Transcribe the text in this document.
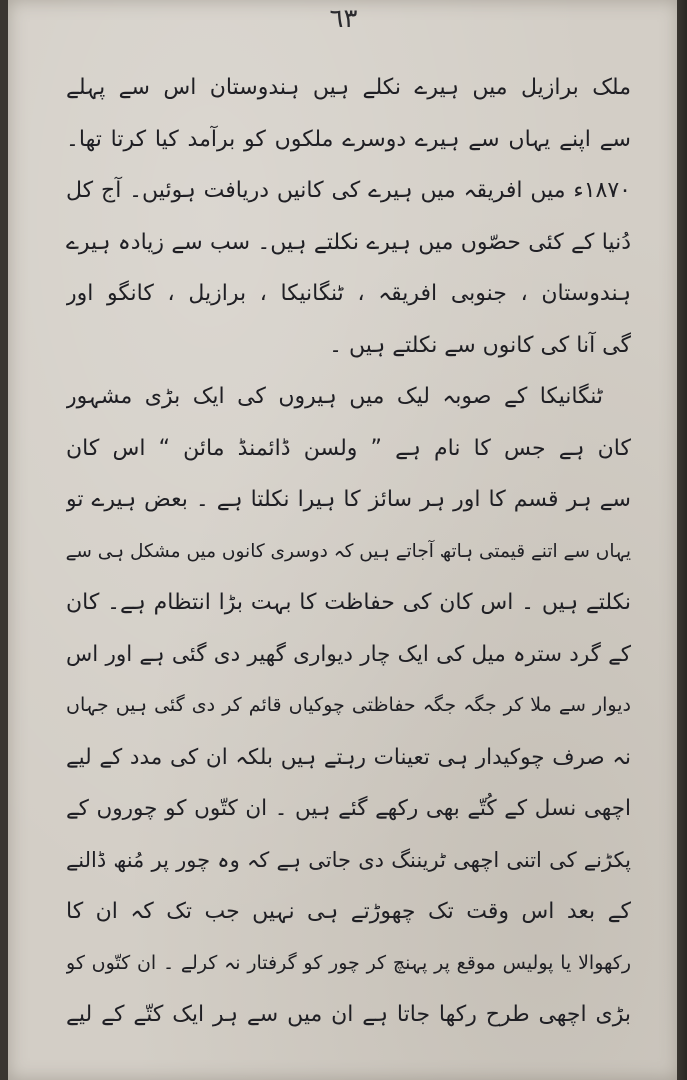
٦٣
ملک برازیل میں ہیرے نکلے ہیں ہندوستان اس سے پہلے
سے اپنے یہاں سے ہیرے دوسرے ملکوں کو برآمد کیا کرتا تھا۔
۱۸۷۰ء میں افریقہ میں ہیرے کی کانیں دریافت ہوئیں۔ آج کل
دُنیا کے کئی حصّوں میں ہیرے نکلتے ہیں۔ سب سے زیادہ ہیرے
ہندوستان ، جنوبی افریقہ ، ٹنگانیکا ، برازیل ، کانگو اور
گی آنا کی کانوں سے نکلتے ہیں ۔
ٹنگانیکا کے صوبہ لیک میں ہیروں کی ایک بڑی مشہور
کان ہے جس کا نام ہے ” ولسن ڈائمنڈ مائن “ اس کان
سے ہر قسم کا اور ہر سائز کا ہیرا نکلتا ہے ۔ بعض ہیرے تو
یہاں سے اتنے قیمتی ہاتھ آجاتے ہیں کہ دوسری کانوں میں مشکل ہی سے
نکلتے ہیں ۔ اس کان کی حفاظت کا بہت بڑا انتظام ہے۔ کان
کے گرد سترہ میل کی ایک چار دیواری گھیر دی گئی ہے اور اس
دیوار سے ملا کر جگہ جگہ حفاظتی چوکیاں قائم کر دی گئی ہیں جہاں
نہ صرف چوکیدار ہی تعینات رہتے ہیں بلکہ ان کی مدد کے لیے
اچھی نسل کے کُتّے بھی رکھے گئے ہیں ۔ ان کتّوں کو چوروں کے
پکڑنے کی اتنی اچھی ٹریننگ دی جاتی ہے کہ وہ چور پر مُنھ ڈالنے
کے بعد اس وقت تک چھوڑتے ہی نہیں جب تک کہ ان کا
رکھوالا یا پولیس موقع پر پہنچ کر چور کو گرفتار نہ کرلے ۔ ان کتّوں کو
بڑی اچھی طرح رکھا جاتا ہے ان میں سے ہر ایک کتّے کے لیے
